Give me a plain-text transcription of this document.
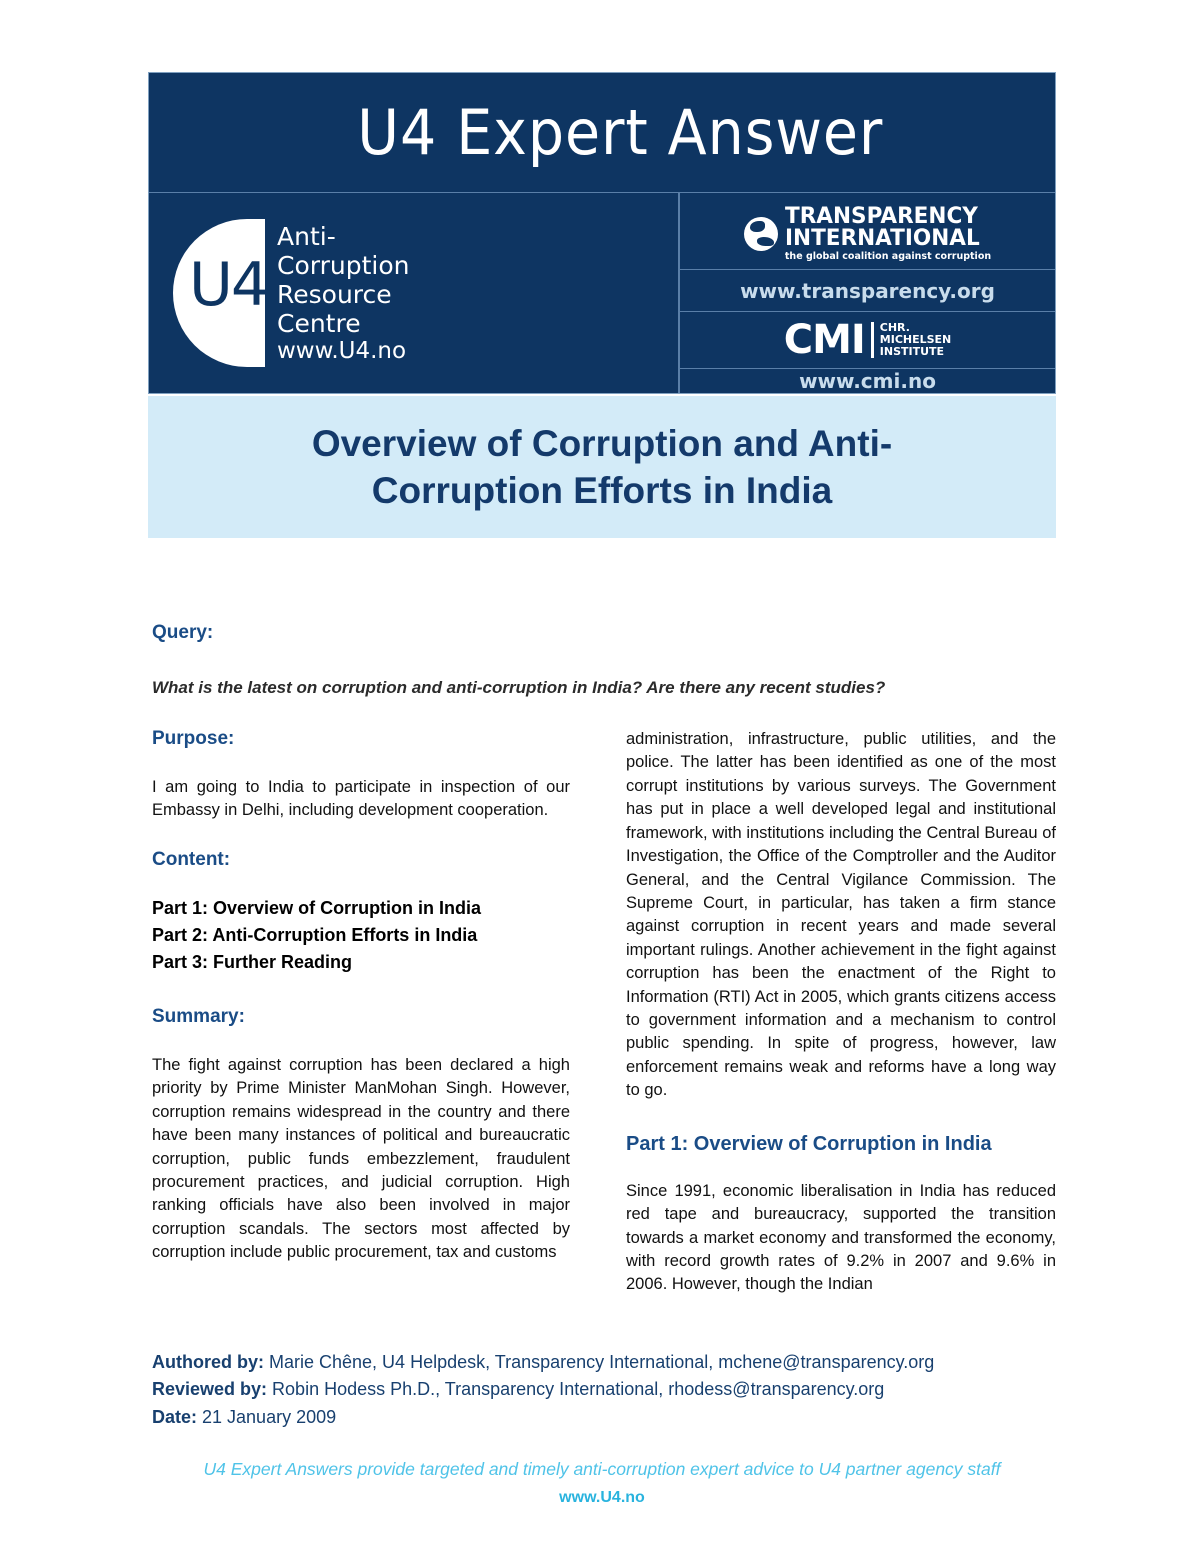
U4 Expert Answer
U4
Anti-
Corruption
Resource
Centre
www.U4.no
TRANSPARENCY
INTERNATIONAL
the global coalition against corruption
www.transparency.org
CMI CHR.
MICHELSEN
INSTITUTE
www.cmi.no
Overview of Corruption and Anti-Corruption Efforts in India
Query:
What is the latest on corruption and anti-corruption in India? Are there any recent studies?
Purpose:

I am going to India to participate in inspection of our Embassy in Delhi, including development cooperation.

Content:
Part 1: Overview of Corruption in India
Part 2: Anti-Corruption Efforts in India
Part 3: Further Reading
Summary:

The fight against corruption has been declared a high priority by Prime Minister ManMohan Singh. However, corruption remains widespread in the country and there have been many instances of political and bureaucratic corruption, public funds embezzlement, fraudulent procurement practices, and judicial corruption. High ranking officials have also been involved in major corruption scandals. The sectors most affected by corruption include public procurement, tax and customs

administration, infrastructure, public utilities, and the police. The latter has been identified as one of the most corrupt institutions by various surveys. The Government has put in place a well developed legal and institutional framework, with institutions including the Central Bureau of Investigation, the Office of the Comptroller and the Auditor General, and the Central Vigilance Commission. The Supreme Court, in particular, has taken a firm stance against corruption in recent years and made several important rulings. Another achievement in the fight against corruption has been the enactment of the Right to Information (RTI) Act in 2005, which grants citizens access to government information and a mechanism to control public spending. In spite of progress, however, law enforcement remains weak and reforms have a long way to go.

Part 1: Overview of Corruption in India

Since 1991, economic liberalisation in India has reduced red tape and bureaucracy, supported the transition towards a market economy and transformed the economy, with record growth rates of 9.2% in 2007 and 9.6% in 2006. However, though the Indian

Authored by: Marie Chêne, U4 Helpdesk, Transparency International, mchene@transparency.org
Reviewed by: Robin Hodess Ph.D., Transparency International, rhodess@transparency.org
Date: 21 January 2009
U4 Expert Answers provide targeted and timely anti-corruption expert advice to U4 partner agency staff
www.U4.no
